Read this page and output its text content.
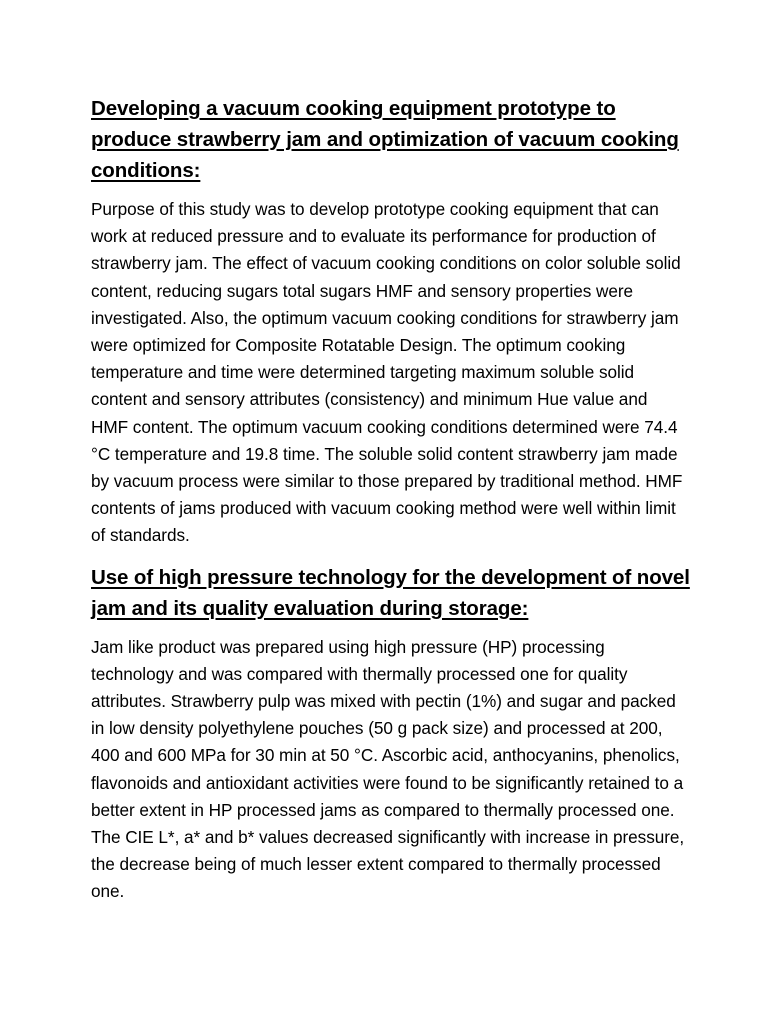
Developing a vacuum cooking equipment prototype to produce strawberry jam and optimization of vacuum cooking conditions:

Purpose of this study was to develop prototype cooking equipment that can work at reduced pressure and to evaluate its performance for production of strawberry jam. The effect of vacuum cooking conditions on color soluble solid content, reducing sugars total sugars HMF and sensory properties were investigated. Also, the optimum vacuum cooking conditions for strawberry jam were optimized for Composite Rotatable Design. The optimum cooking temperature and time were determined targeting maximum soluble solid content and sensory attributes (consistency) and minimum Hue value and HMF content. The optimum vacuum cooking conditions determined were 74.4 °C temperature and 19.8 time. The soluble solid content strawberry jam made by vacuum process were similar to those prepared by traditional method. HMF contents of jams produced with vacuum cooking method were well within limit of standards.

Use of high pressure technology for the development of novel jam and its quality evaluation during storage:

Jam like product was prepared using high pressure (HP) processing technology and was compared with thermally processed one for quality attributes. Strawberry pulp was mixed with pectin (1%) and sugar and packed in low density polyethylene pouches (50 g pack size) and processed at 200, 400 and 600 MPa for 30 min at 50 °C. Ascorbic acid, anthocyanins, phenolics, flavonoids and antioxidant activities were found to be significantly retained to a better extent in HP processed jams as compared to thermally processed one. The CIE L*, a* and b* values decreased significantly with increase in pressure, the decrease being of much lesser extent compared to thermally processed one.
